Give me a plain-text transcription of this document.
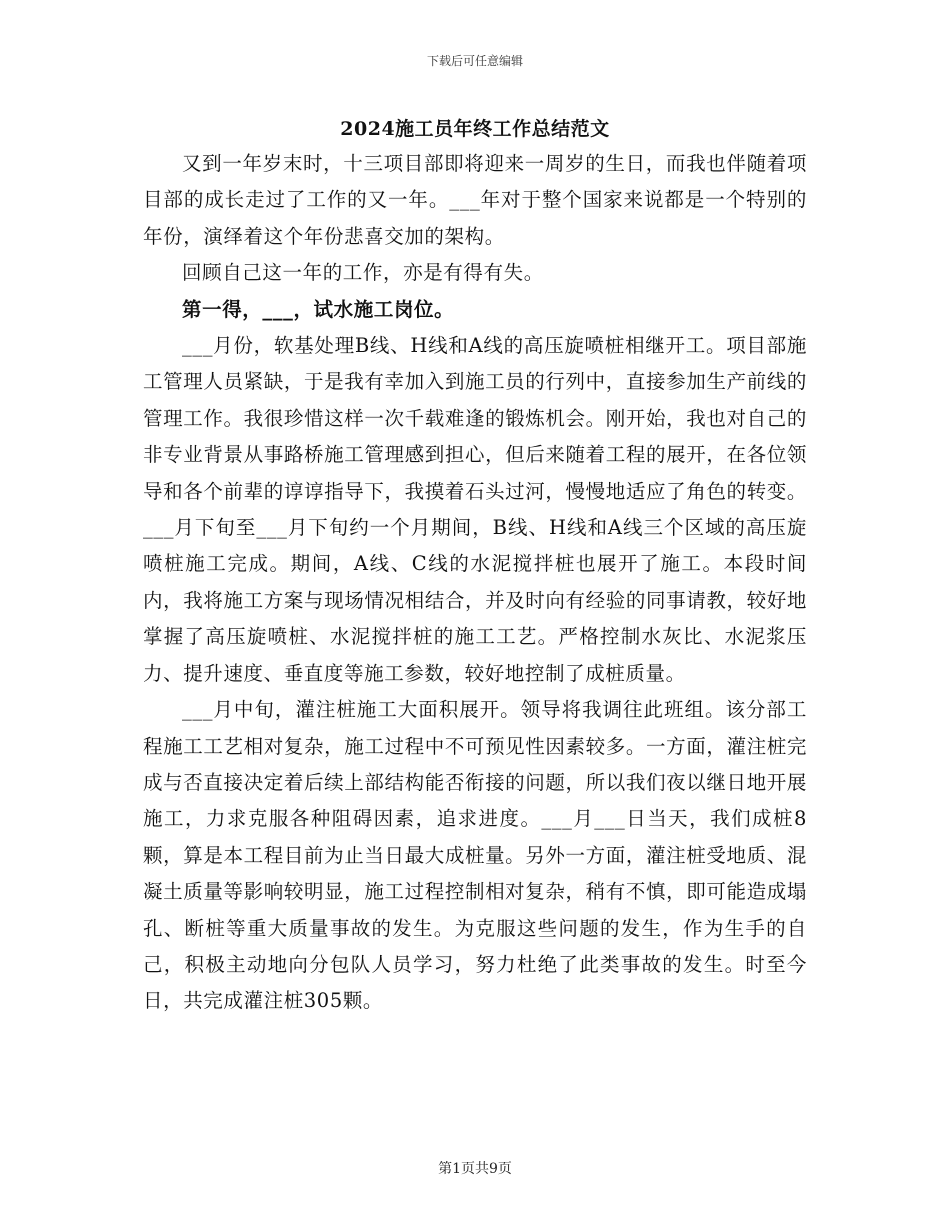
下载后可任意编辑
2024施工员年终工作总结范文

又到一年岁末时，十三项目部即将迎来一周岁的生日，而我也伴随着项目部的成长走过了工作的又一年。___年对于整个国家来说都是一个特别的年份，演绎着这个年份悲喜交加的架构。

回顾自己这一年的工作，亦是有得有失。

第一得，___，试水施工岗位。

___月份，软基处理B线、H线和A线的高压旋喷桩相继开工。项目部施工管理人员紧缺，于是我有幸加入到施工员的行列中，直接参加生产前线的管理工作。我很珍惜这样一次千载难逢的锻炼机会。刚开始，我也对自己的非专业背景从事路桥施工管理感到担心，但后来随着工程的展开，在各位领导和各个前辈的谆谆指导下，我摸着石头过河，慢慢地适应了角色的转变。___月下旬至___月下旬约一个月期间，B线、H线和A线三个区域的高压旋喷桩施工完成。期间，A线、C线的水泥搅拌桩也展开了施工。本段时间内，我将施工方案与现场情况相结合，并及时向有经验的同事请教，较好地掌握了高压旋喷桩、水泥搅拌桩的施工工艺。严格控制水灰比、水泥浆压力、提升速度、垂直度等施工参数，较好地控制了成桩质量。

___月中旬，灌注桩施工大面积展开。领导将我调往此班组。该分部工程施工工艺相对复杂，施工过程中不可预见性因素较多。一方面，灌注桩完成与否直接决定着后续上部结构能否衔接的问题，所以我们夜以继日地开展施工，力求克服各种阻碍因素，追求进度。___月___日当天，我们成桩8颗，算是本工程目前为止当日最大成桩量。另外一方面，灌注桩受地质、混凝土质量等影响较明显，施工过程控制相对复杂，稍有不慎，即可能造成塌孔、断桩等重大质量事故的发生。为克服这些问题的发生，作为生手的自己，积极主动地向分包队人员学习，努力杜绝了此类事故的发生。时至今日，共完成灌注桩305颗。

第1页共9页
